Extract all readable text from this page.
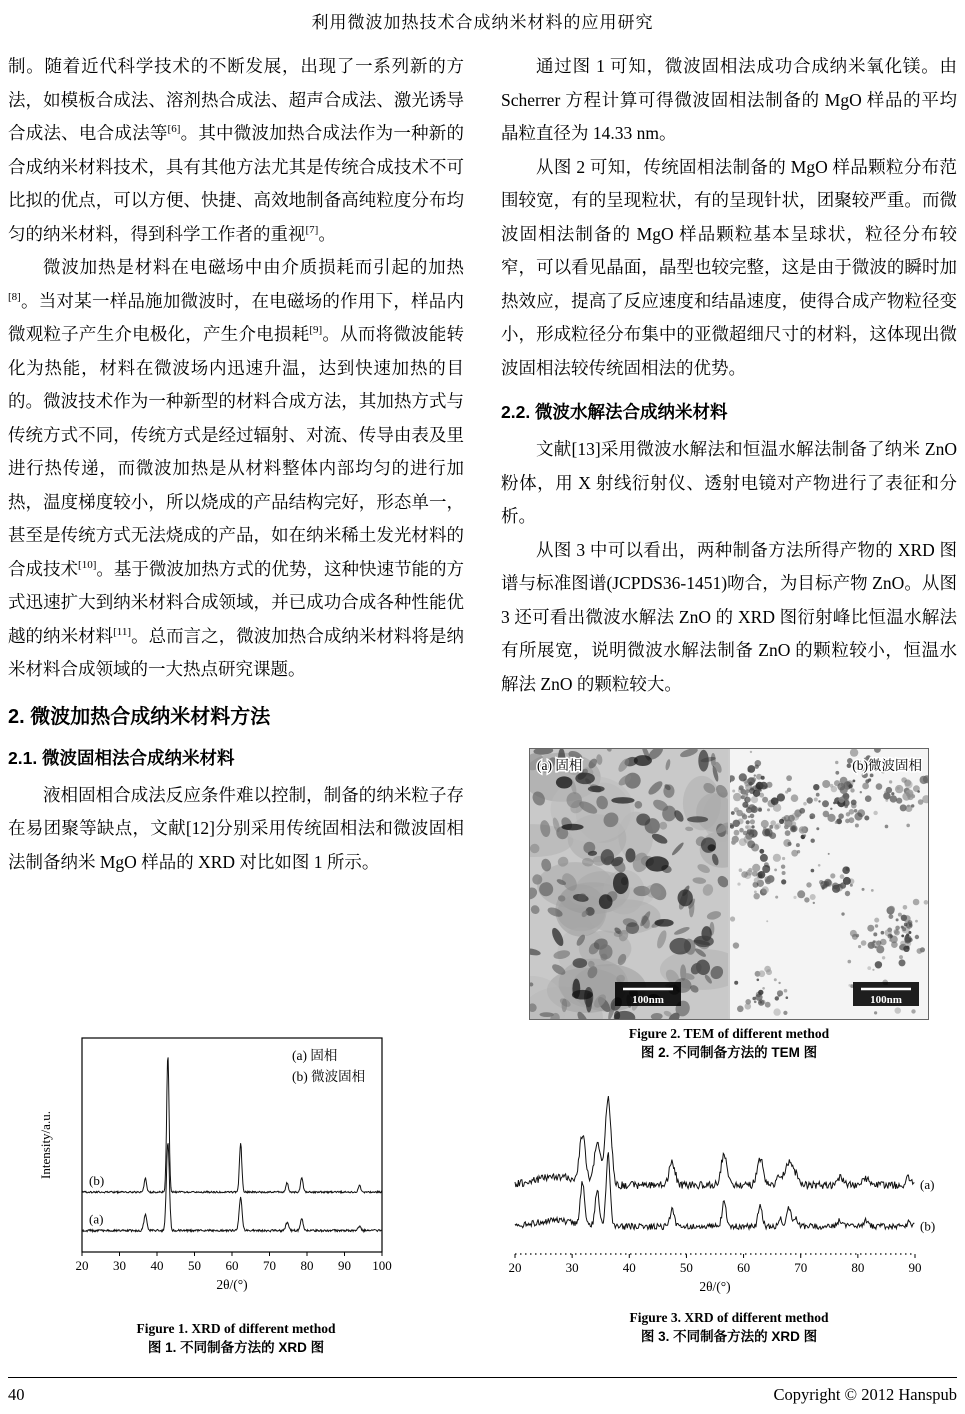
利用微波加热技术合成纳米材料的应用研究

制。随着近代科学技术的不断发展，出现了一系列新的方法，如模板合成法、溶剂热合成法、超声合成法、激光诱导合成法、电合成法等[6]。其中微波加热合成法作为一种新的合成纳米材料技术，具有其他方法尤其是传统合成技术不可比拟的优点，可以方便、快捷、高效地制备高纯粒度分布均匀的纳米材料，得到科学工作者的重视[7]。

微波加热是材料在电磁场中由介质损耗而引起的加热[8]。当对某一样品施加微波时，在电磁场的作用下，样品内微观粒子产生介电极化，产生介电损耗[9]。从而将微波能转化为热能，材料在微波场内迅速升温，达到快速加热的目的。微波技术作为一种新型的材料合成方法，其加热方式与传统方式不同，传统方式是经过辐射、对流、传导由表及里进行热传递，而微波加热是从材料整体内部均匀的进行加热，温度梯度较小，所以烧成的产品结构完好，形态单一，甚至是传统方式无法烧成的产品，如在纳米稀土发光材料的合成技术[10]。基于微波加热方式的优势，这种快速节能的方式迅速扩大到纳米材料合成领域，并已成功合成各种性能优越的纳米材料[11]。总而言之，微波加热合成纳米材料将是纳米材料合成领域的一大热点研究课题。

2. 微波加热合成纳米材料方法
2.1. 微波固相法合成纳米材料

液相固相合成法反应条件难以控制，制备的纳米粒子存在易团聚等缺点，文献[12]分别采用传统固相法和微波固相法制备纳米 MgO 样品的 XRD 对比如图 1 所示。

通过图 1 可知，微波固相法成功合成纳米氧化镁。由 Scherrer 方程计算可得微波固相法制备的 MgO 样品的平均晶粒直径为 14.33 nm。

从图 2 可知，传统固相法制备的 MgO 样品颗粒分布范围较宽，有的呈现粒状，有的呈现针状，团聚较严重。而微波固相法制备的 MgO 样品颗粒基本呈球状，粒径分布较窄，可以看见晶面，晶型也较完整，这是由于微波的瞬时加热效应，提高了反应速度和结晶速度，使得合成产物粒径变小，形成粒径分布集中的亚微超细尺寸的材料，这体现出微波固相法较传统固相法的优势。

2.2. 微波水解法合成纳米材料

文献[13]采用微波水解法和恒温水解法制备了纳米 ZnO 粉体，用 X 射线衍射仪、透射电镜对产物进行了表征和分析。

从图 3 中可以看出，两种制备方法所得产物的 XRD 图谱与标准图谱(JCPDS36-1451)吻合，为目标产物 ZnO。从图 3 还可看出微波水解法 ZnO 的 XRD 图衍射峰比恒温水解法有所展宽，说明微波水解法制备 ZnO 的颗粒较小，恒温水解法 ZnO 的颗粒较大。

20 30 40 50 60 70 80 90 100
2θ/(°)
Intensity/a.u.
(a) 固相
(b) 微波固相
(b)
(a)
Figure 1. XRD of different method
图 1. 不同制备方法的 XRD 图
(a) 固相	(b)微波固相
100nm	100nm
Figure 2. TEM of different method
图 2. 不同制备方法的 TEM 图
20	30	40	50	60	70	80	90
2θ/(°)
(a)
(b)
Figure 3. XRD of different method
图 3. 不同制备方法的 XRD 图
40	Copyright © 2012 Hanspub
